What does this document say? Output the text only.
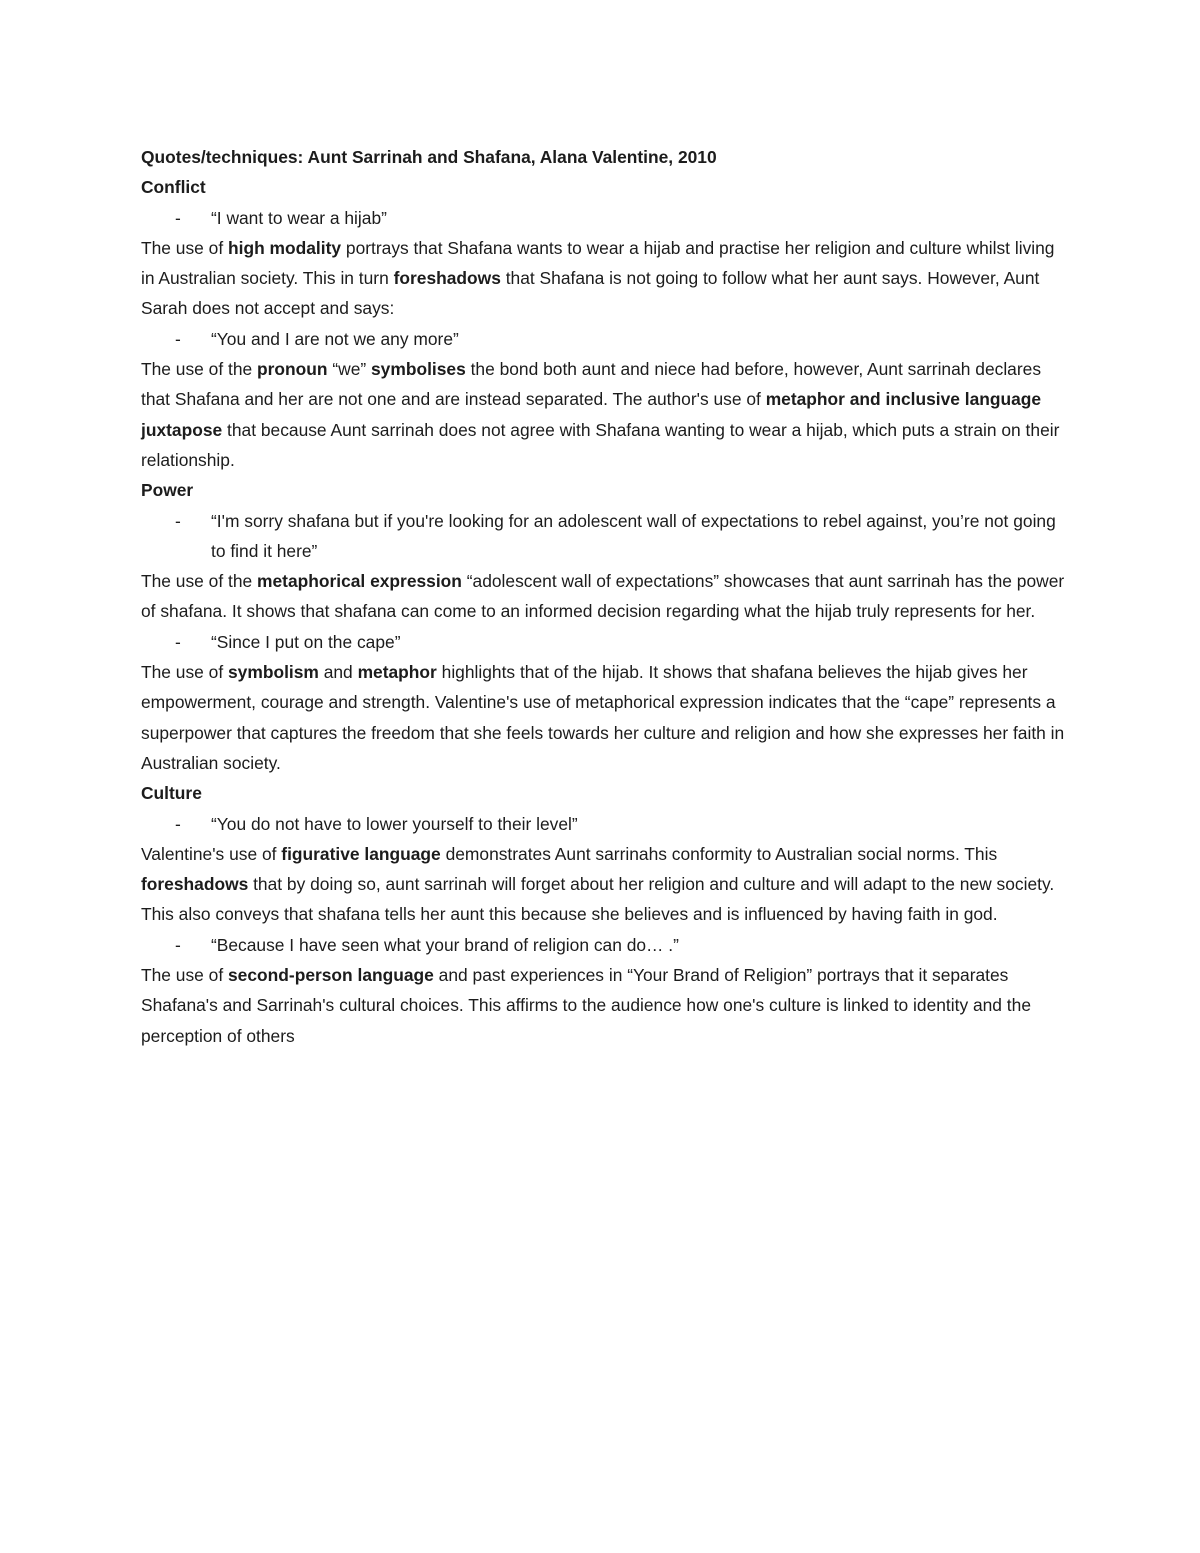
Quotes/techniques: Aunt Sarrinah and Shafana, Alana Valentine, 2010

Conflict

-	“I want to wear a hijab”

The use of high modality portrays that Shafana wants to wear a hijab and practise her religion and culture whilst living in Australian society. This in turn foreshadows that Shafana is not going to follow what her aunt says. However, Aunt Sarah does not accept and says:

-	“You and I are not we any more”

The use of the pronoun “we” symbolises the bond both aunt and niece had before, however, Aunt sarrinah declares that Shafana and her are not one and are instead separated. The author's use of metaphor and inclusive language juxtapose that because Aunt sarrinah does not agree with Shafana wanting to wear a hijab, which puts a strain on their relationship.

Power

-	“I'm sorry shafana but if you're looking for an adolescent wall of expectations to rebel against, you’re not going to find it here”

The use of the metaphorical expression “adolescent wall of expectations” showcases that aunt sarrinah has the power of shafana. It shows that shafana can come to an informed decision regarding what the hijab truly represents for her.

-	“Since I put on the cape”

The use of symbolism and metaphor highlights that of the hijab. It shows that shafana believes the hijab gives her empowerment, courage and strength. Valentine's use of metaphorical expression indicates that the “cape” represents a superpower that captures the freedom that she feels towards her culture and religion and how she expresses her faith in Australian society.

Culture

-	“You do not have to lower yourself to their level”

Valentine's use of figurative language demonstrates Aunt sarrinahs conformity to Australian social norms. This foreshadows that by doing so, aunt sarrinah will forget about her religion and culture and will adapt to the new society. This also conveys that shafana tells her aunt this because she believes and is influenced by having faith in god.

-	“Because I have seen what your brand of religion can do… .”

The use of second-person language and past experiences in “Your Brand of Religion” portrays that it separates Shafana's and Sarrinah's cultural choices. This affirms to the audience how one's culture is linked to identity and the perception of others
